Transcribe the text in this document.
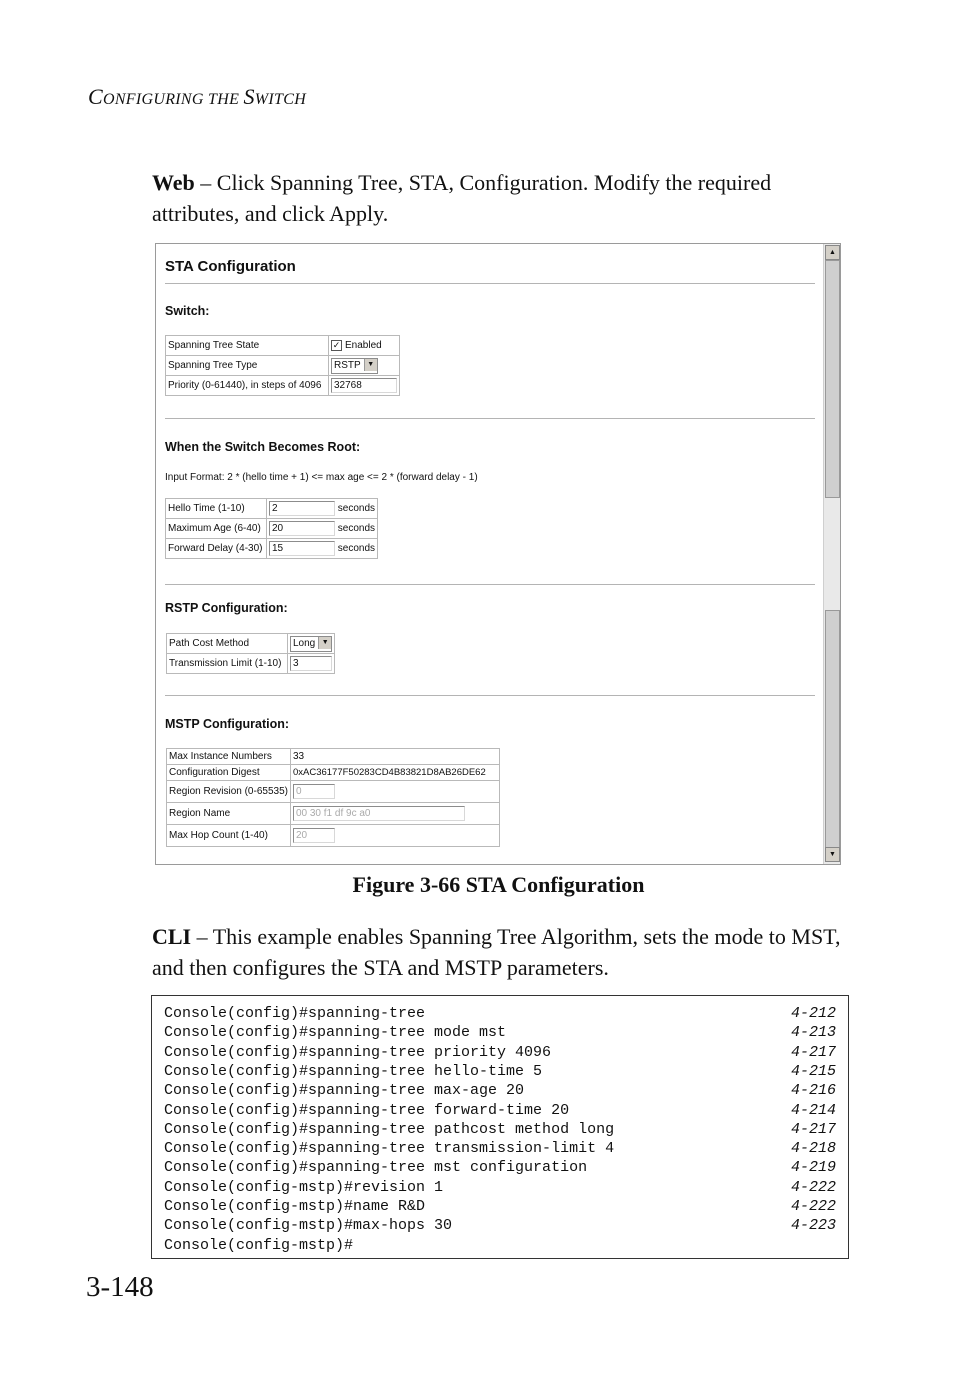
CONFIGURING THE SWITCH
Web – Click Spanning Tree, STA, Configuration. Modify the required attributes, and click Apply.
STA Configuration
Switch:
Spanning Tree State	✓ Enabled
Spanning Tree Type	RSTP ▼
Priority (0-61440), in steps of 4096	32768
When the Switch Becomes Root:
Input Format: 2 * (hello time + 1) <= max age <= 2 * (forward delay - 1)
Hello Time (1-10)	2 seconds
Maximum Age (6-40)	20 seconds
Forward Delay (4-30)	15 seconds
RSTP Configuration:
Path Cost Method	Long ▼
Transmission Limit (1-10)	3
MSTP Configuration:
Max Instance Numbers	33
Configuration Digest	0xAC36177F50283CD4B83821D8AB26DE62
Region Revision (0-65535)	0
Region Name	00 30 f1 df 9c a0
Max Hop Count (1-40)	20
▲
▼
Figure 3-66 STA Configuration
CLI – This example enables Spanning Tree Algorithm, sets the mode to MST, and then configures the STA and MSTP parameters.
Console(config)#spanning-tree	4-212
Console(config)#spanning-tree mode mst	4-213
Console(config)#spanning-tree priority 4096	4-217
Console(config)#spanning-tree hello-time 5	4-215
Console(config)#spanning-tree max-age 20	4-216
Console(config)#spanning-tree forward-time 20	4-214
Console(config)#spanning-tree pathcost method long	4-217
Console(config)#spanning-tree transmission-limit 4	4-218
Console(config)#spanning-tree mst configuration	4-219
Console(config-mstp)#revision 1	4-222
Console(config-mstp)#name R&D	4-222
Console(config-mstp)#max-hops 30	4-223
Console(config-mstp)#
3-148
